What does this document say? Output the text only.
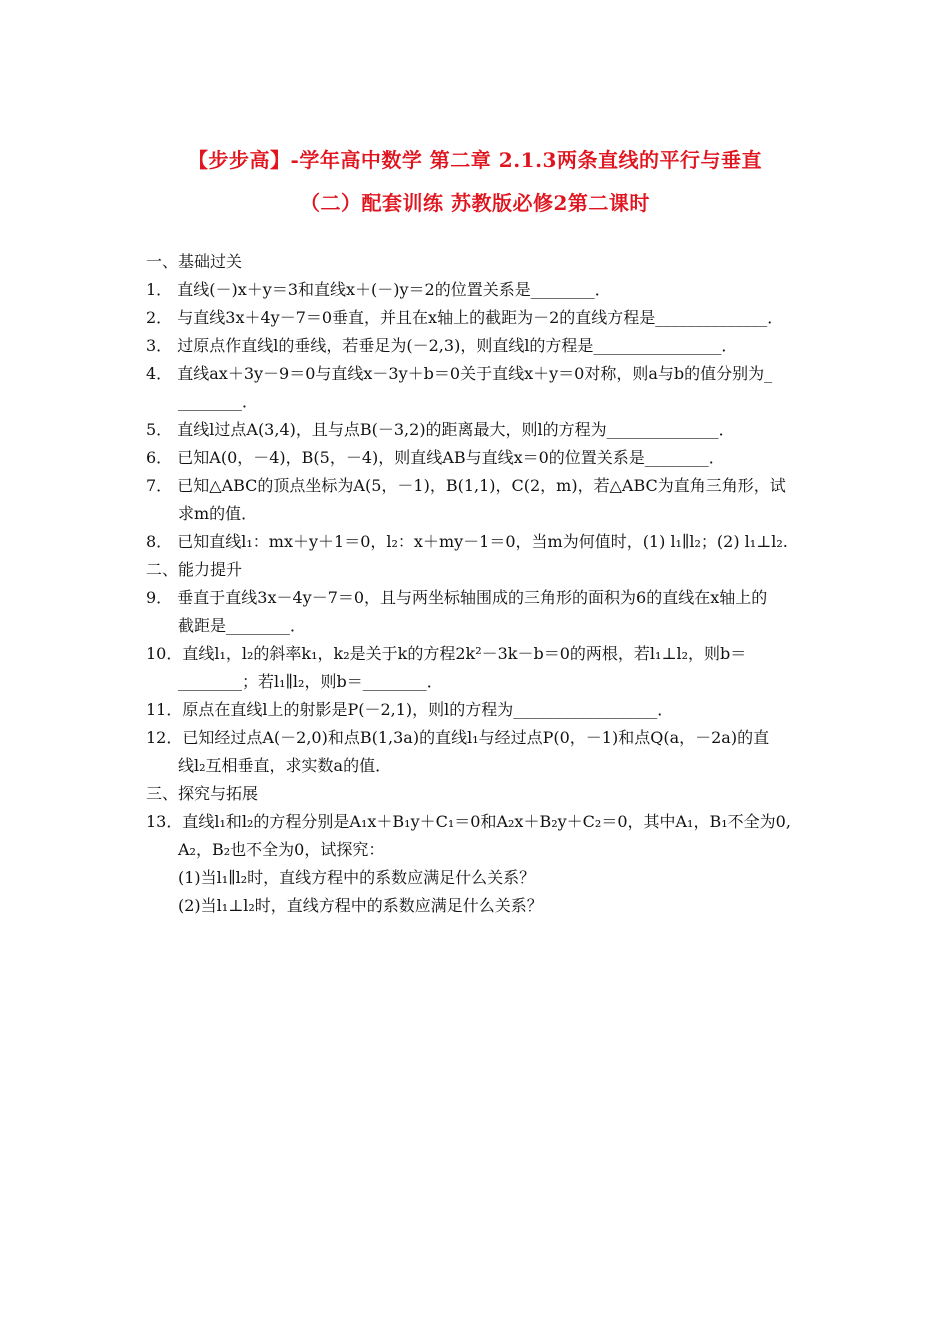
【步步高】-学年高中数学 第二章 2.1.3两条直线的平行与垂直
（二）配套训练 苏教版必修2第二课时
一、基础过关
1． 直线(－)x＋y＝3和直线x＋(－)y＝2的位置关系是________．
2． 与直线3x＋4y－7＝0垂直，并且在x轴上的截距为－2的直线方程是______________．
3． 过原点作直线l的垂线，若垂足为(－2,3)，则直线l的方程是________________．
4． 直线ax＋3y－9＝0与直线x－3y＋b＝0关于直线x＋y＝0对称，则a与b的值分别为_
________．
5． 直线l过点A(3,4)，且与点B(－3,2)的距离最大，则l的方程为______________．
6． 已知A(0，－4)，B(5，－4)，则直线AB与直线x＝0的位置关系是________．
7． 已知△ABC的顶点坐标为A(5，－1)，B(1,1)，C(2，m)，若△ABC为直角三角形，试
求m的值．
8． 已知直线l₁：mx＋y＋1＝0，l₂：x＋my－1＝0，当m为何值时，(1) l₁∥l₂；(2) l₁⊥l₂.
二、能力提升
9． 垂直于直线3x－4y－7＝0，且与两坐标轴围成的三角形的面积为6的直线在x轴上的
截距是________．
10．直线l₁，l₂的斜率k₁，k₂是关于k的方程2k²－3k－b＝0的两根，若l₁⊥l₂，则b＝
________；若l₁∥l₂，则b＝________．
11．原点在直线l上的射影是P(－2,1)，则l的方程为__________________．
12．已知经过点A(－2,0)和点B(1,3a)的直线l₁与经过点P(0，－1)和点Q(a，－2a)的直
线l₂互相垂直，求实数a的值．
三、探究与拓展
13．直线l₁和l₂的方程分别是A₁x＋B₁y＋C₁＝0和A₂x＋B₂y＋C₂＝0，其中A₁，B₁不全为0,
A₂，B₂也不全为0，试探究：
(1)当l₁∥l₂时，直线方程中的系数应满足什么关系？
(2)当l₁⊥l₂时，直线方程中的系数应满足什么关系？
